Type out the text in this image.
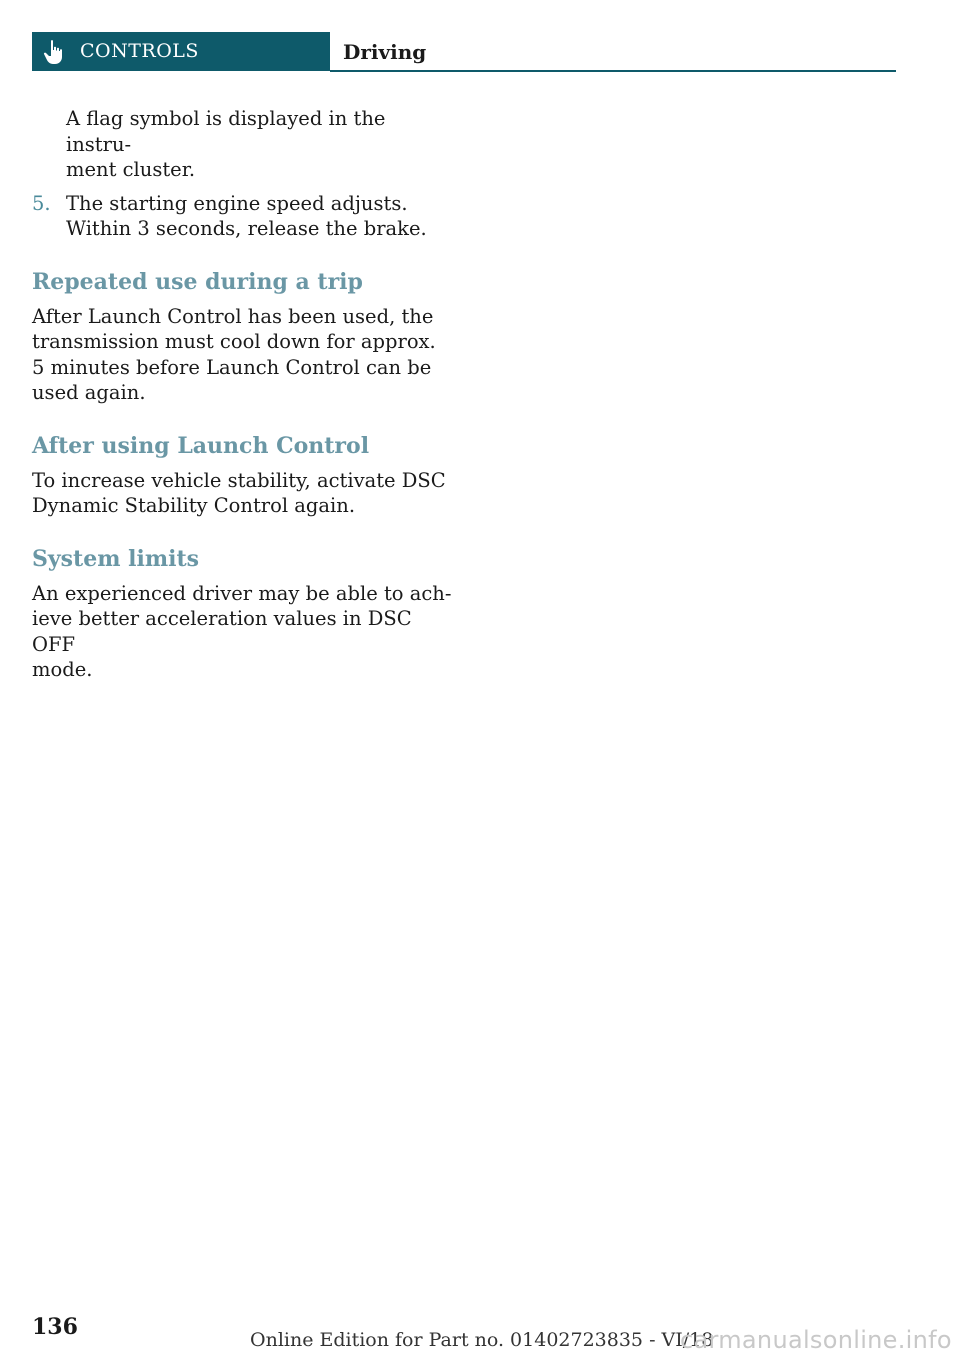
CONTROLS	Driving

A flag symbol is displayed in the instru-
ment cluster.

5. The starting engine speed adjusts.
Within 3 seconds, release the brake.
Repeated use during a trip

After Launch Control has been used, the
transmission must cool down for approx.
5 minutes before Launch Control can be
used again.

After using Launch Control

To increase vehicle stability, activate DSC
Dynamic Stability Control again.

System limits

An experienced driver may be able to ach-
ieve better acceleration values in DSC OFF
mode.

136	Online Edition for Part no. 01402723835 - VI/18
carmanualsonline.info
